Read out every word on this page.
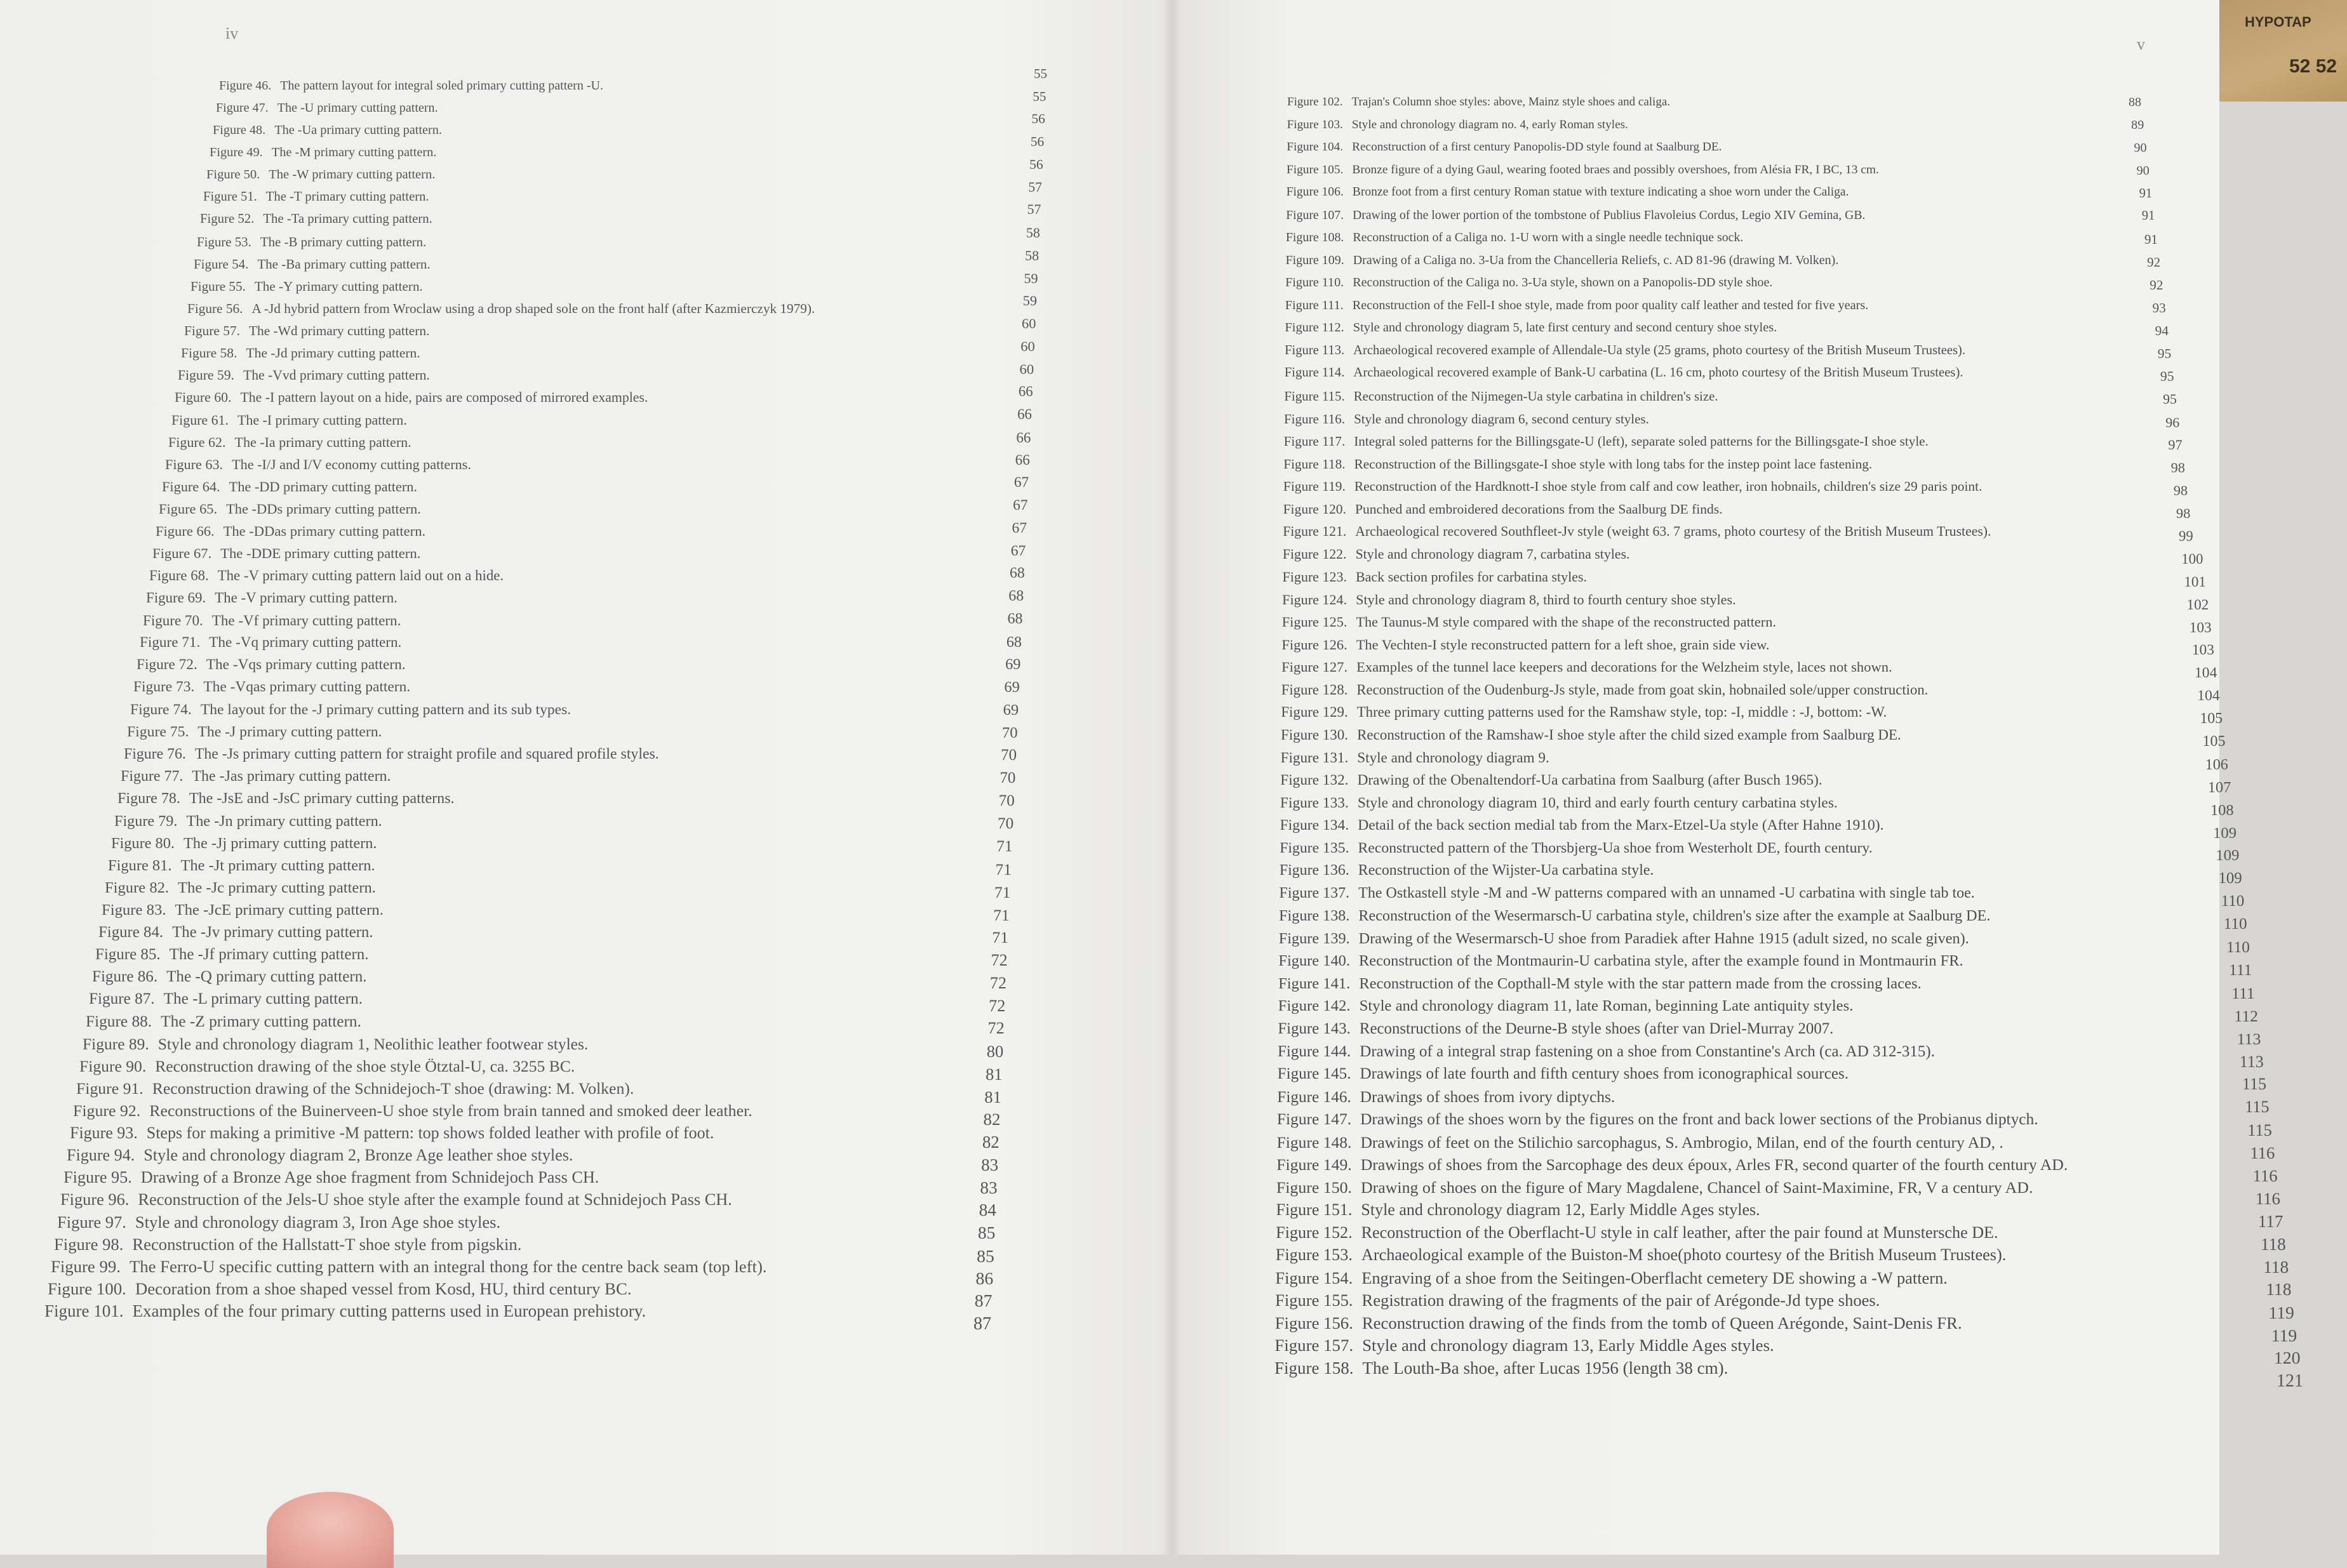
iv
Figure 46. The pattern layout for integral soled primary cutting pattern -U.
55
Figure 47. The -U primary cutting pattern.
55
Figure 48. The -Ua primary cutting pattern.
56
Figure 49. The -M primary cutting pattern.
56
Figure 50. The -W primary cutting pattern.
56
Figure 51. The -T primary cutting pattern.
57
Figure 52. The -Ta primary cutting pattern.
57
Figure 53. The -B primary cutting pattern.
58
Figure 54. The -Ba primary cutting pattern.
58
Figure 55. The -Y primary cutting pattern.
59
Figure 56. A -Jd hybrid pattern from Wroclaw using a drop shaped sole on the front half (after Kazmierczyk 1979).	59
Figure 57. The -Wd primary cutting pattern.	60
Figure 58. The -Jd primary cutting pattern.	60
Figure 59. The -Vvd primary cutting pattern.	60
Figure 60. The -I pattern layout on a hide, pairs are composed of mirrored examples.	66
Figure 61. The -I primary cutting pattern.	66
Figure 62. The -Ia primary cutting pattern.	66
Figure 63. The -I/J and I/V economy cutting patterns.	66
Figure 64. The -DD primary cutting pattern.	67
Figure 65. The -DDs primary cutting pattern.	67
Figure 66. The -DDas primary cutting pattern.	67
Figure 67. The -DDE primary cutting pattern.	67
Figure 68. The -V primary cutting pattern laid out on a hide.	68
Figure 69. The -V primary cutting pattern.	68
Figure 70. The -Vf primary cutting pattern.	68
Figure 71. The -Vq primary cutting pattern.	68
Figure 72. The -Vqs primary cutting pattern.	69
Figure 73. The -Vqas primary cutting pattern.	69
Figure 74. The layout for the -J primary cutting pattern and its sub types.	69
Figure 75. The -J primary cutting pattern.	70
Figure 76. The -Js primary cutting pattern for straight profile and squared profile styles.	70
Figure 77. The -Jas primary cutting pattern.	70
Figure 78. The -JsE and -JsC primary cutting patterns.	70
Figure 79. The -Jn primary cutting pattern.	70
Figure 80. The -Jj primary cutting pattern.	71
Figure 81. The -Jt primary cutting pattern.	71
Figure 82. The -Jc primary cutting pattern.	71
Figure 83. The -JcE primary cutting pattern.	71
Figure 84. The -Jv primary cutting pattern.	71
Figure 85. The -Jf primary cutting pattern.	72
Figure 86. The -Q primary cutting pattern.	72
Figure 87. The -L primary cutting pattern.	72
Figure 88. The -Z primary cutting pattern.	72
Figure 89. Style and chronology diagram 1, Neolithic leather footwear styles.	80
Figure 90. Reconstruction drawing of the shoe style Ötztal-U, ca. 3255 BC.	81
Figure 91. Reconstruction drawing of the Schnidejoch-T shoe (drawing: M. Volken).	81
Figure 92. Reconstructions of the Buinerveen-U shoe style from brain tanned and smoked deer leather.	82
Figure 93. Steps for making a primitive -M pattern: top shows folded leather with profile of foot.	82
Figure 94. Style and chronology diagram 2, Bronze Age leather shoe styles.
83
Figure 95. Drawing of a Bronze Age shoe fragment from Schnidejoch Pass CH.
83
Figure 96. Reconstruction of the Jels-U shoe style after the example found at Schnidejoch Pass CH.
84
Figure 97. Style and chronology diagram 3, Iron Age shoe styles.
85
Figure 98. Reconstruction of the Hallstatt-T shoe style from pigskin.
85
Figure 99. The Ferro-U specific cutting pattern with an integral thong for the centre back seam (top left).
86
Figure 100. Decoration from a shoe shaped vessel from Kosd, HU, third century BC.
87
Figure 101. Examples of the four primary cutting patterns used in European prehistory.
87
v
Figure 102. Trajan's Column shoe styles: above, Mainz style shoes and caliga.	88
Figure 103. Style and chronology diagram no. 4, early Roman styles.	89
Figure 104. Reconstruction of a first century Panopolis-DD style found at Saalburg DE.	90
Figure 105. Bronze figure of a dying Gaul, wearing footed braes and possibly overshoes, from Alésia FR, I BC, 13 cm.	90
Figure 106. Bronze foot from a first century Roman statue with texture indicating a shoe worn under the Caliga.	91
Figure 107. Drawing of the lower portion of the tombstone of Publius Flavoleius Cordus, Legio XIV Gemina, GB.	91
Figure 108. Reconstruction of a Caliga no. 1-U worn with a single needle technique sock.	91
Figure 109. Drawing of a Caliga no. 3-Ua from the Chancelleria Reliefs, c. AD 81-96 (drawing M. Volken).	92
Figure 110. Reconstruction of the Caliga no. 3-Ua style, shown on a Panopolis-DD style shoe.	92
Figure 111. Reconstruction of the Fell-I shoe style, made from poor quality calf leather and tested for five years.	93
Figure 112. Style and chronology diagram 5, late first century and second century shoe styles.	94
Figure 113. Archaeological recovered example of Allendale-Ua style (25 grams, photo courtesy of the British Museum Trustees).	95
Figure 114. Archaeological recovered example of Bank-U carbatina (L. 16 cm, photo courtesy of the British Museum Trustees).	95
Figure 115. Reconstruction of the Nijmegen-Ua style carbatina in children's size.	95
Figure 116. Style and chronology diagram 6, second century styles.	96
Figure 117. Integral soled patterns for the Billingsgate-U (left), separate soled patterns for the Billingsgate-I shoe style.	97
Figure 118. Reconstruction of the Billingsgate-I shoe style with long tabs for the instep point lace fastening.	98
Figure 119. Reconstruction of the Hardknott-I shoe style from calf and cow leather, iron hobnails, children's size 29 paris point.	98
Figure 120. Punched and embroidered decorations from the Saalburg DE finds.	98
Figure 121. Archaeological recovered Southfleet-Jv style (weight 63. 7 grams, photo courtesy of the British Museum Trustees).	99
Figure 122. Style and chronology diagram 7, carbatina styles.	100
Figure 123. Back section profiles for carbatina styles.	101
Figure 124. Style and chronology diagram 8, third to fourth century shoe styles.	102
Figure 125. The Taunus-M style compared with the shape of the reconstructed pattern.	103
Figure 126. The Vechten-I style reconstructed pattern for a left shoe, grain side view.	103
Figure 127. Examples of the tunnel lace keepers and decorations for the Welzheim style, laces not shown.	104
Figure 128. Reconstruction of the Oudenburg-Js style, made from goat skin, hobnailed sole/upper construction.	104
Figure 129. Three primary cutting patterns used for the Ramshaw style, top: -I, middle : -J, bottom: -W.	105
Figure 130. Reconstruction of the Ramshaw-I shoe style after the child sized example from Saalburg DE.	105
Figure 131. Style and chronology diagram 9.	106
Figure 132. Drawing of the Obenaltendorf-Ua carbatina from Saalburg (after Busch 1965).	107
Figure 133. Style and chronology diagram 10, third and early fourth century carbatina styles.	108
Figure 134. Detail of the back section medial tab from the Marx-Etzel-Ua style (After Hahne 1910).	109
Figure 135. Reconstructed pattern of the Thorsbjerg-Ua shoe from Westerholt DE, fourth century.	109
Figure 136. Reconstruction of the Wijster-Ua carbatina style.	109
Figure 137. The Ostkastell style -M and -W patterns compared with an unnamed -U carbatina with single tab toe.	110
Figure 138. Reconstruction of the Wesermarsch-U carbatina style, children's size after the example at Saalburg DE.	110
Figure 139. Drawing of the Wesermarsch-U shoe from Paradiek after Hahne 1915 (adult sized, no scale given).	110
Figure 140. Reconstruction of the Montmaurin-U carbatina style, after the example found in Montmaurin FR.
111
Figure 141. Reconstruction of the Copthall-M style with the star pattern made from the crossing laces.
111
Figure 142. Style and chronology diagram 11, late Roman, beginning Late antiquity styles.
112
Figure 143. Reconstructions of the Deurne-B style shoes (after van Driel-Murray 2007.
113
Figure 144. Drawing of a integral strap fastening on a shoe from Constantine's Arch (ca. AD 312-315).
113
Figure 145. Drawings of late fourth and fifth century shoes from iconographical sources.
115
Figure 146. Drawings of shoes from ivory diptychs.
115
Figure 147. Drawings of the shoes worn by the figures on the front and back lower sections of the Probianus diptych.
115
Figure 148. Drawings of feet on the Stilichio sarcophagus, S. Ambrogio, Milan, end of the fourth century AD, .
116
Figure 149. Drawings of shoes from the Sarcophage des deux époux, Arles FR, second quarter of the fourth century AD.
116
Figure 150. Drawing of shoes on the figure of Mary Magdalene, Chancel of Saint-Maximine, FR, V a century AD.
116
Figure 151. Style and chronology diagram 12, Early Middle Ages styles.
117
Figure 152. Reconstruction of the Oberflacht-U style in calf leather, after the pair found at Munstersche DE.
118
Figure 153. Archaeological example of the Buiston-M shoe(photo courtesy of the British Museum Trustees).
118
Figure 154. Engraving of a shoe from the Seitingen-Oberflacht cemetery DE showing a -W pattern.
118
Figure 155. Registration drawing of the fragments of the pair of Arégonde-Jd type shoes.
119
Figure 156. Reconstruction drawing of the finds from the tomb of Queen Arégonde, Saint-Denis FR.
119
Figure 157. Style and chronology diagram 13, Early Middle Ages styles.
120
Figure 158. The Louth-Ba shoe, after Lucas 1956 (length 38 cm).
121
HYPOTAP
52 52
